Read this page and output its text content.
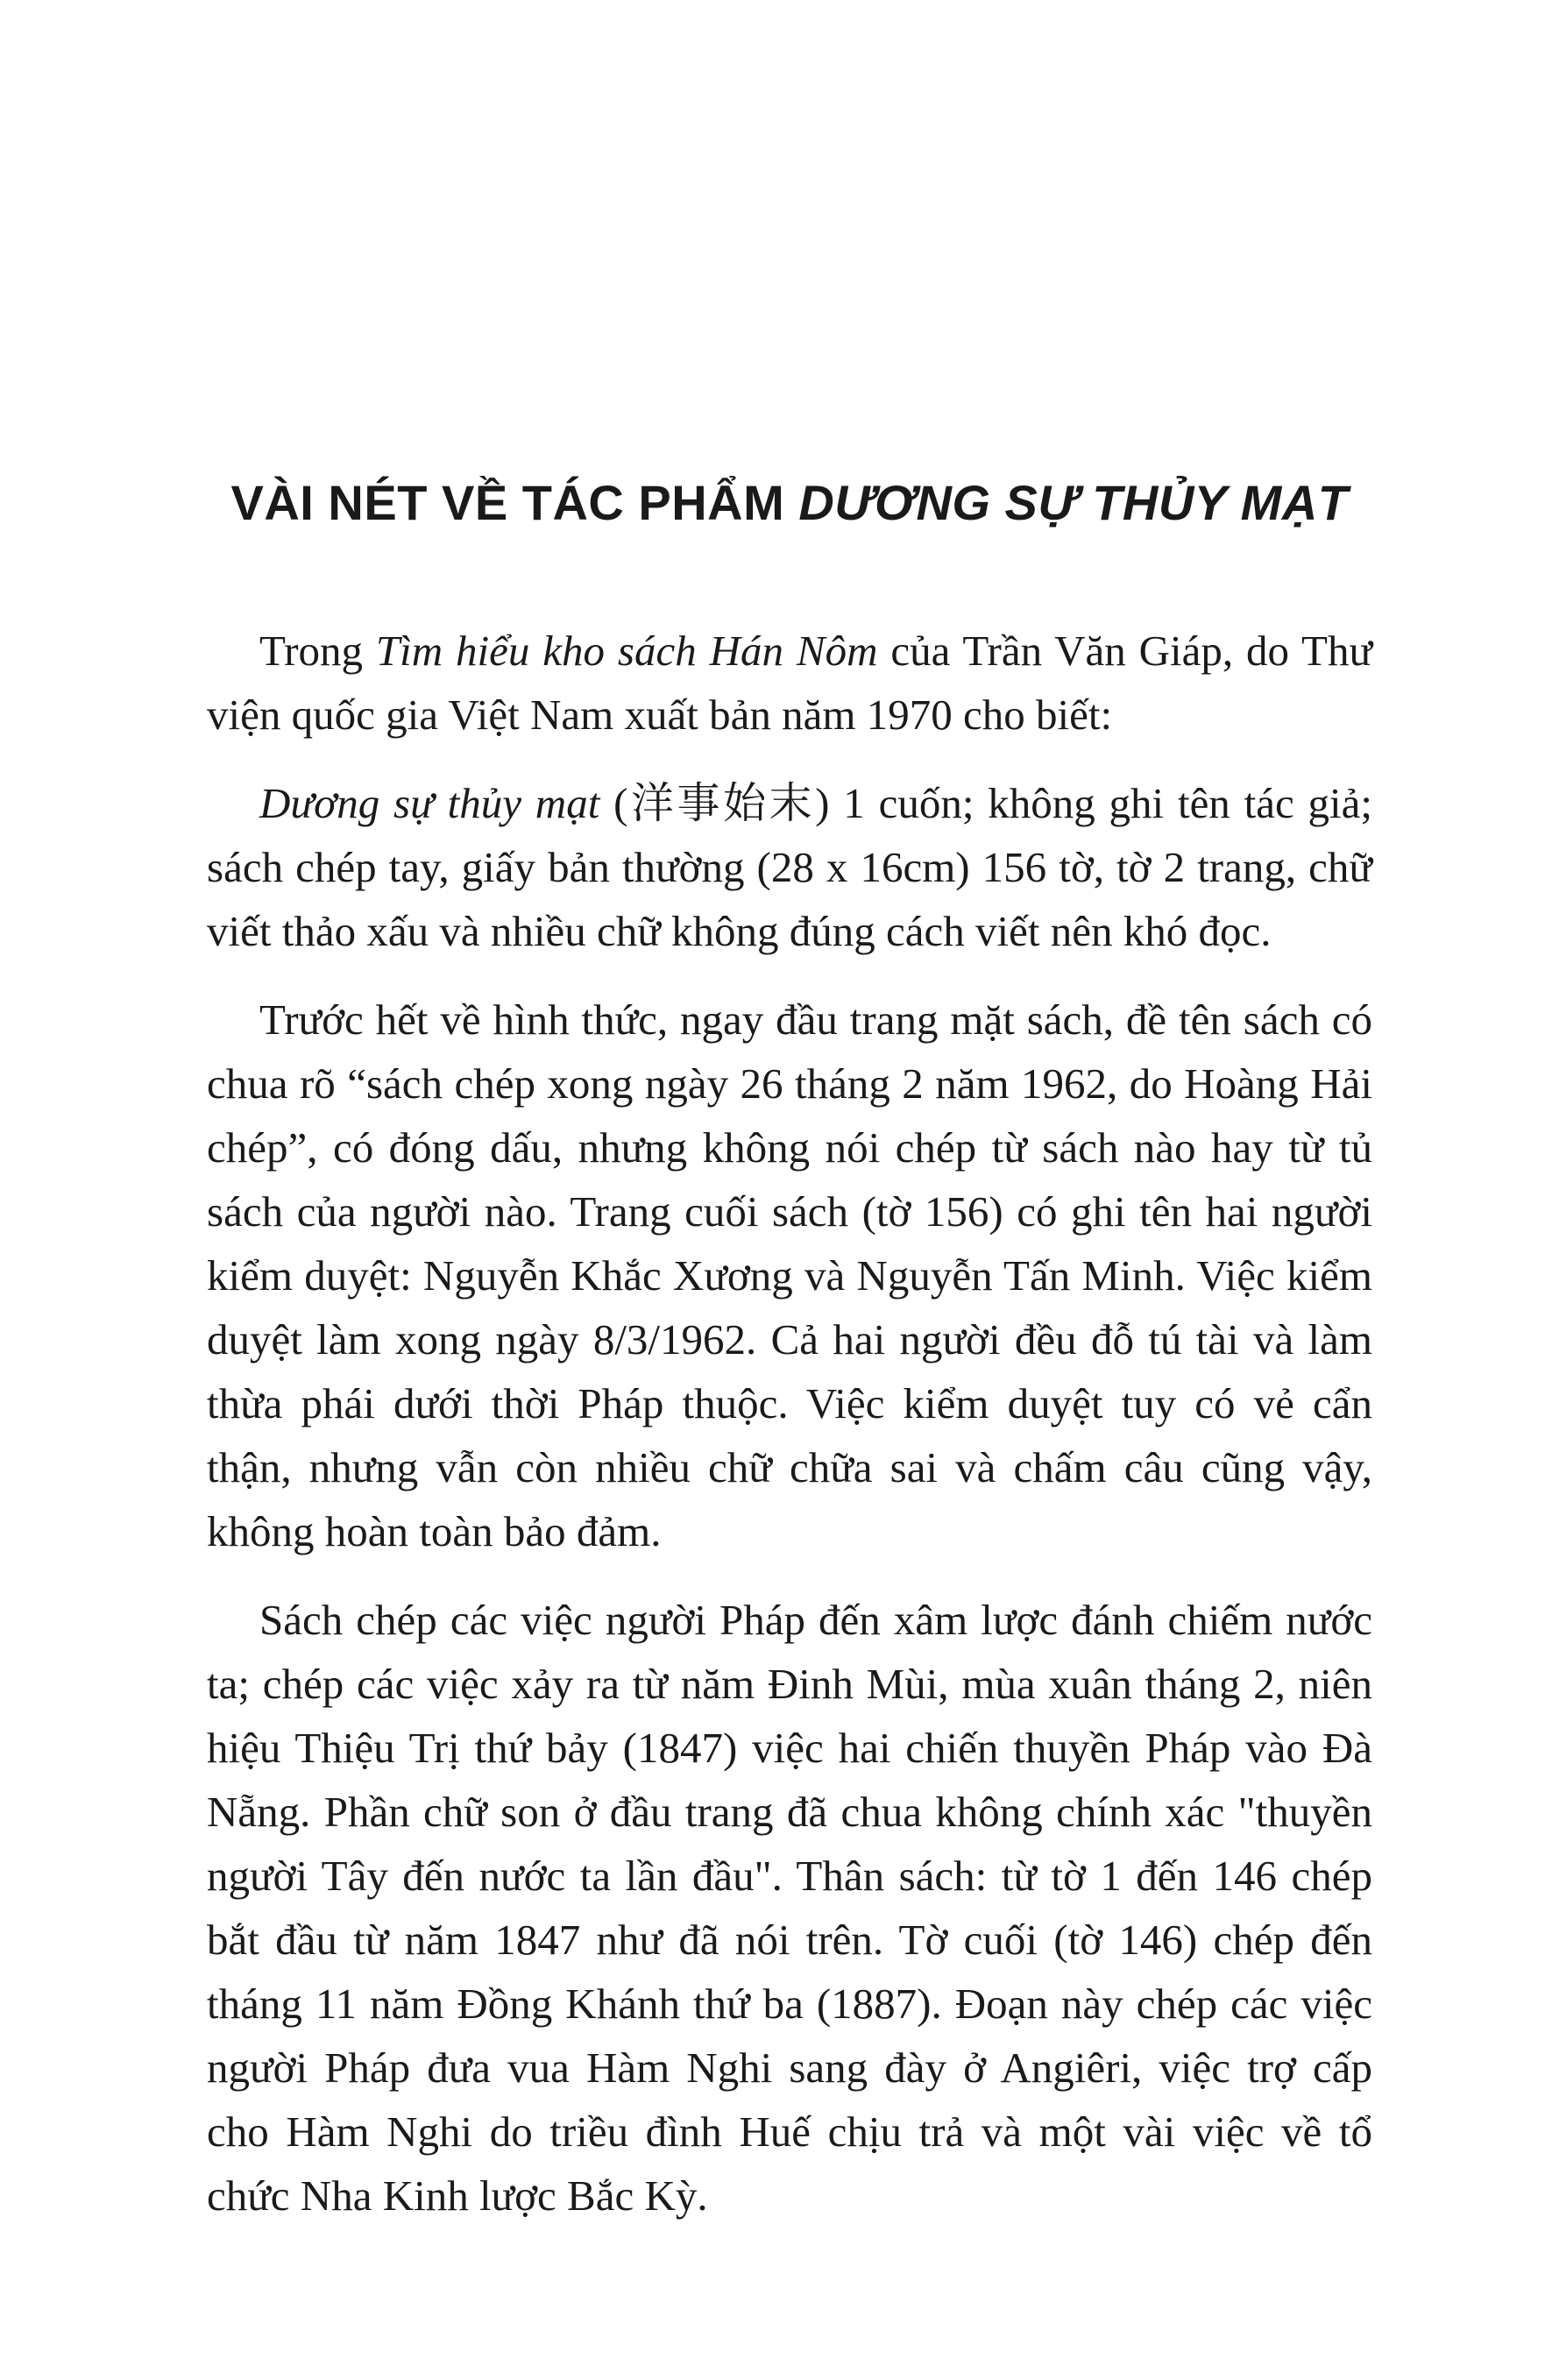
VÀI NÉT VỀ TÁC PHẨM DƯƠNG SỰ THỦY MẠT

Trong Tìm hiểu kho sách Hán Nôm của Trần Văn Giáp, do Thư viện quốc gia Việt Nam xuất bản năm 1970 cho biết:

Dương sự thủy mạt (洋事始末) 1 cuốn; không ghi tên tác giả; sách chép tay, giấy bản thường (28 x 16cm) 156 tờ, tờ 2 trang, chữ viết thảo xấu và nhiều chữ không đúng cách viết nên khó đọc.

Trước hết về hình thức, ngay đầu trang mặt sách, đề tên sách có chua rõ “sách chép xong ngày 26 tháng 2 năm 1962, do Hoàng Hải chép”, có đóng dấu, nhưng không nói chép từ sách nào hay từ tủ sách của người nào. Trang cuối sách (tờ 156) có ghi tên hai người kiểm duyệt: Nguyễn Khắc Xương và Nguyễn Tấn Minh. Việc kiểm duyệt làm xong ngày 8/3/1962. Cả hai người đều đỗ tú tài và làm thừa phái dưới thời Pháp thuộc. Việc kiểm duyệt tuy có vẻ cẩn thận, nhưng vẫn còn nhiều chữ chữa sai và chấm câu cũng vậy, không hoàn toàn bảo đảm.

Sách chép các việc người Pháp đến xâm lược đánh chiếm nước ta; chép các việc xảy ra từ năm Đinh Mùi, mùa xuân tháng 2, niên hiệu Thiệu Trị thứ bảy (1847) việc hai chiến thuyền Pháp vào Đà Nẵng. Phần chữ son ở đầu trang đã chua không chính xác "thuyền người Tây đến nước ta lần đầu". Thân sách: từ tờ 1 đến 146 chép bắt đầu từ năm 1847 như đã nói trên. Tờ cuối (tờ 146) chép đến tháng 11 năm Đồng Khánh thứ ba (1887). Đoạn này chép các việc người Pháp đưa vua Hàm Nghi sang đày ở Angiêri, việc trợ cấp cho Hàm Nghi do triều đình Huế chịu trả và một vài việc về tổ chức Nha Kinh lược Bắc Kỳ.
